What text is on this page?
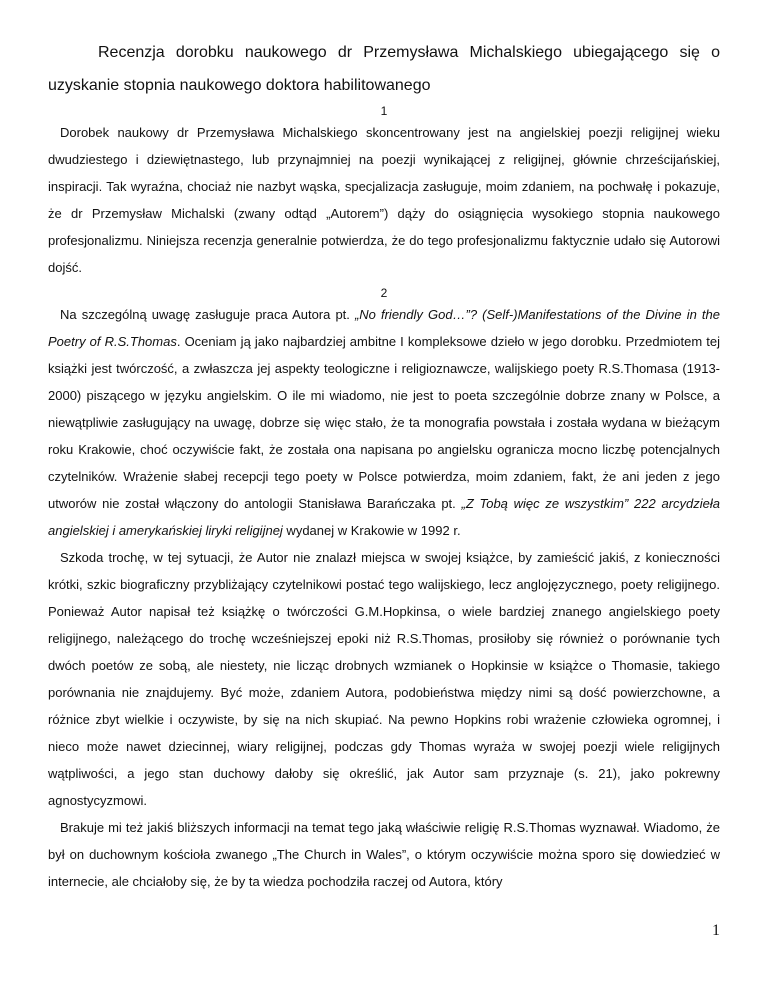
Recenzja dorobku naukowego dr Przemysława Michalskiego ubiegającego się o uzyskanie stopnia naukowego doktora habilitowanego

1

Dorobek naukowy dr Przemysława Michalskiego skoncentrowany jest na angielskiej poezji religijnej wieku dwudziestego i dziewiętnastego, lub przynajmniej na poezji wynikającej z religijnej, głównie chrześcijańskiej, inspiracji. Tak wyraźna, chociaż nie nazbyt wąska, specjalizacja zasługuje, moim zdaniem, na pochwałę i pokazuje, że dr Przemysław Michalski (zwany odtąd „Autorem”) dąży do osiągnięcia wysokiego stopnia naukowego profesjonalizmu. Niniejsza recenzja generalnie potwierdza, że do tego profesjonalizmu faktycznie udało się Autorowi dojść.

2

Na szczególną uwagę zasługuje praca Autora pt. „No friendly God…”? (Self-)Manifestations of the Divine in the Poetry of R.S.Thomas. Oceniam ją jako najbardziej ambitne I kompleksowe dzieło w jego dorobku. Przedmiotem tej książki jest twórczość, a zwłaszcza jej aspekty teologiczne i religioznawcze, walijskiego poety R.S.Thomasa (1913-2000) piszącego w języku angielskim. O ile mi wiadomo, nie jest to poeta szczególnie dobrze znany w Polsce, a niewątpliwie zasługujący na uwagę, dobrze się więc stało, że ta monografia powstała i została wydana w bieżącym roku Krakowie, choć oczywiście fakt, że została ona napisana po angielsku ogranicza mocno liczbę potencjalnych czytelników. Wrażenie słabej recepcji tego poety w Polsce potwierdza, moim zdaniem, fakt, że ani jeden z jego utworów nie został włączony do antologii Stanisława Barańczaka pt. „Z Tobą więc ze wszystkim” 222 arcydzieła angielskiej i amerykańskiej liryki religijnej wydanej w Krakowie w 1992 r.

Szkoda trochę, w tej sytuacji, że Autor nie znalazł miejsca w swojej książce, by zamieścić jakiś, z konieczności krótki, szkic biograficzny przybliżający czytelnikowi postać tego walijskiego, lecz anglojęzycznego, poety religijnego. Ponieważ Autor napisał też książkę o twórczości G.M.Hopkinsa, o wiele bardziej znanego angielskiego poety religijnego, należącego do trochę wcześniejszej epoki niż R.S.Thomas, prosiłoby się również o porównanie tych dwóch poetów ze sobą, ale niestety, nie licząc drobnych wzmianek o Hopkinsie w książce o Thomasie, takiego porównania nie znajdujemy. Być może, zdaniem Autora, podobieństwa między nimi są dość powierzchowne, a różnice zbyt wielkie i oczywiste, by się na nich skupiać. Na pewno Hopkins robi wrażenie człowieka ogromnej, i nieco może nawet dziecinnej, wiary religijnej, podczas gdy Thomas wyraża w swojej poezji wiele religijnych wątpliwości, a jego stan duchowy dałoby się określić, jak Autor sam przyznaje (s. 21), jako pokrewny agnostycyzmowi.

Brakuje mi też jakiś bliższych informacji na temat tego jaką właściwie religię R.S.Thomas wyznawał. Wiadomo, że był on duchownym kościoła zwanego „The Church in Wales”, o którym oczywiście można sporo się dowiedzieć w internecie, ale chciałoby się, że by ta wiedza pochodziła raczej od Autora, który

1
